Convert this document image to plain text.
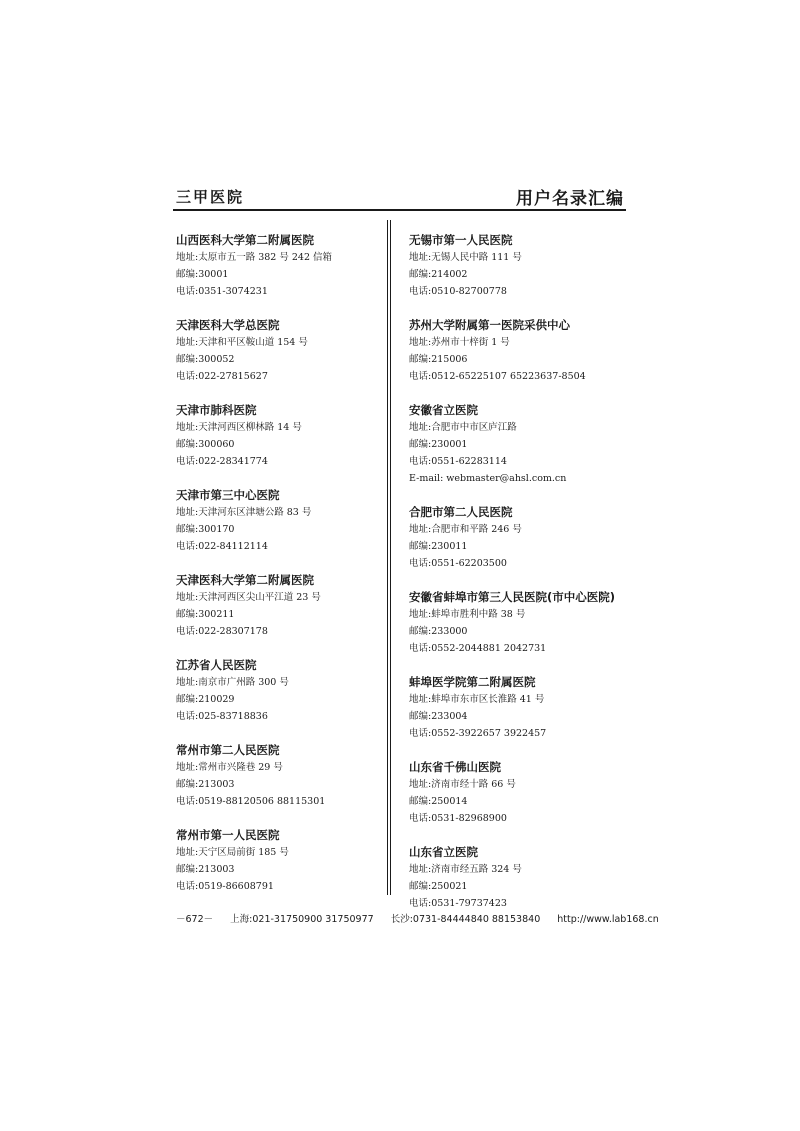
三甲医院	用户名录汇编
山西医科大学第二附属医院
地址:太原市五一路 382 号 242 信箱
邮编:30001
电话:0351-3074231
天津医科大学总医院
地址:天津和平区鞍山道 154 号
邮编:300052
电话:022-27815627
天津市肺科医院
地址:天津河西区柳林路 14 号
邮编:300060
电话:022-28341774
天津市第三中心医院
地址:天津河东区津塘公路 83 号
邮编:300170
电话:022-84112114
天津医科大学第二附属医院
地址:天津河西区尖山平江道 23 号
邮编:300211
电话:022-28307178
江苏省人民医院
地址:南京市广州路 300 号
邮编:210029
电话:025-83718836
常州市第二人民医院
地址:常州市兴隆巷 29 号
邮编:213003
电话:0519-88120506 88115301
常州市第一人民医院
地址:天宁区局前街 185 号
邮编:213003
电话:0519-86608791
无锡市第一人民医院
地址:无锡人民中路 111 号
邮编:214002
电话:0510-82700778
苏州大学附属第一医院采供中心
地址:苏州市十梓街 1 号
邮编:215006
电话:0512-65225107 65223637-8504
安徽省立医院
地址:合肥市中市区庐江路
邮编:230001
电话:0551-62283114
E-mail: webmaster@ahsl.com.cn
合肥市第二人民医院
地址:合肥市和平路 246 号
邮编:230011
电话:0551-62203500
安徽省蚌埠市第三人民医院(市中心医院)
地址:蚌埠市胜利中路 38 号
邮编:233000
电话:0552-2044881 2042731
蚌埠医学院第二附属医院
地址:蚌埠市东市区长淮路 41 号
邮编:233004
电话:0552-3922657 3922457
山东省千佛山医院
地址:济南市经十路 66 号
邮编:250014
电话:0531-82968900
山东省立医院
地址:济南市经五路 324 号
邮编:250021
电话:0531-79737423
－672－ 上海:021-31750900 31750977 长沙:0731-84444840 88153840 http://www.lab168.cn
